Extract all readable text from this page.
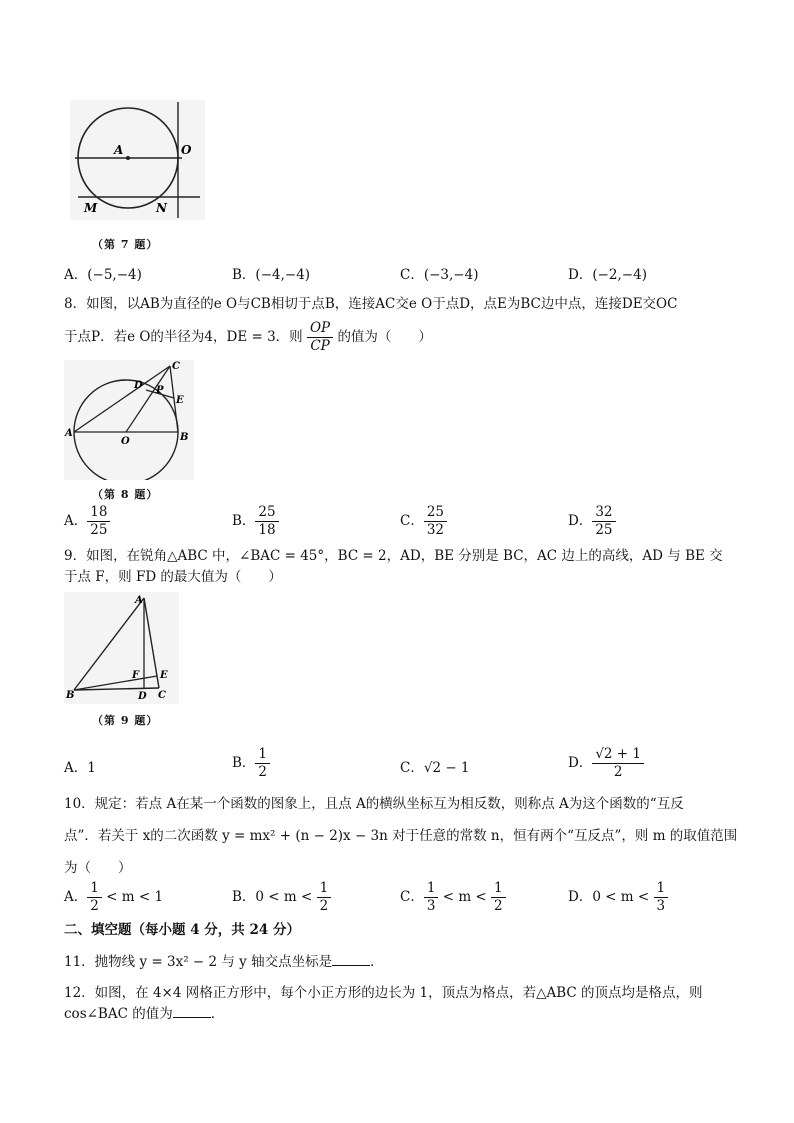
A	O
M	N
（第 7 题）
A．(−5,−4)	B．(−4,−4)	C．(−3,−4)	D．(−2,−4)
8．如图，以AB为直径的e O与CB相切于点B，连接AC交e O于点D，点E为BC边中点，连接DE交OC
于点P．若e O的半径为4，DE = 3．则 $\frac{OP}{CP}$ 的值为（　　）
A
O	B
C
D P
E
（第 8 题）
A． $\frac{18}{25}$	B． $\frac{25}{18}$	C． $\frac{25}{32}$	D． $\frac{32}{25}$
9．如图，在锐角△ABC 中，∠BAC = 45°，BC = 2，AD，BE 分别是 BC，AC 边上的高线，AD 与 BE 交
于点 F，则 FD 的最大值为（　　）
A
B	C
D
E
F
（第 9 题）
A．1	B． $\frac{1}{2}$	C．√2 − 1	D． $\frac{√2 + 1}{2}$
10．规定：若点 A在某一个函数的图象上，且点 A的横纵坐标互为相反数，则称点 A为这个函数的“互反
点”．若关于 x的二次函数 y = mx² + (n − 2)x − 3n 对于任意的常数 n，恒有两个“互反点”，则 m 的取值范围
为（　　）
A． $\frac{1}{2} < m < 1$	B．$0 < m < \frac{1}{2}$	C． $\frac{1}{3} < m < \frac{1}{2}$	D．$0 < m < \frac{1}{3}$
二、填空题（每小题 4 分，共 24 分）
11．抛物线 y = 3x² − 2 与 y 轴交点坐标是	．
12．如图，在 4×4 网格正方形中，每个小正方形的边长为 1，顶点为格点，若△ABC 的顶点均是格点，则
cos∠BAC 的值为	．
